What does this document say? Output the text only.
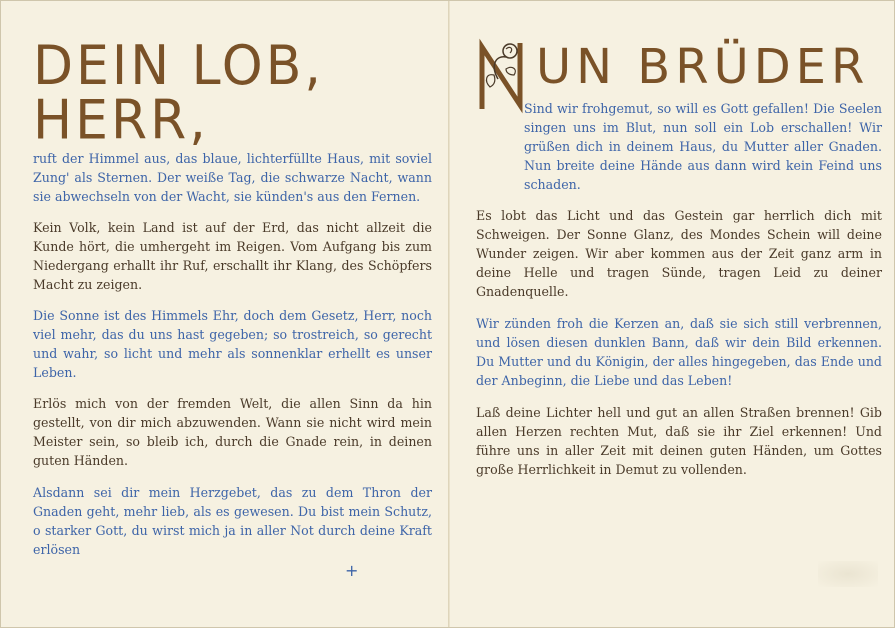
DEIN LOB, HERR,

ruft der Himmel aus, das blaue, lichterfüllte Haus, mit soviel Zung' als Sternen. Der weiße Tag, die schwarze Nacht, wann sie abwechseln von der Wacht, sie künden's aus den Fernen.

Kein Volk, kein Land ist auf der Erd, das nicht allzeit die Kunde hört, die umhergeht im Reigen. Vom Aufgang bis zum Niedergang erhallt ihr Ruf, erschallt ihr Klang, des Schöpfers Macht zu zeigen.

Die Sonne ist des Himmels Ehr, doch dem Gesetz, Herr, noch viel mehr, das du uns hast gegeben; so trostreich, so gerecht und wahr, so licht und mehr als sonnenklar erhellt es unser Leben.

Erlös mich von der fremden Welt, die allen Sinn da hin gestellt, von dir mich abzuwenden. Wann sie nicht wird mein Meister sein, so bleib ich, durch die Gnade rein, in deinen guten Händen.

Alsdann sei dir mein Herzgebet, das zu dem Thron der Gnaden geht, mehr lieb, als es gewesen. Du bist mein Schutz, o starker Gott, du wirst mich ja in aller Not durch deine Kraft erlösen

+
UN BRÜDER

Sind wir frohgemut, so will es Gott gefallen! Die Seelen singen uns im Blut, nun soll ein Lob erschallen! Wir grüßen dich in deinem Haus, du Mutter aller Gnaden. Nun breite deine Hände aus dann wird kein Feind uns schaden.

Es lobt das Licht und das Gestein gar herrlich dich mit Schweigen. Der Sonne Glanz, des Mondes Schein will deine Wunder zeigen. Wir aber kommen aus der Zeit ganz arm in deine Helle und tragen Sünde, tragen Leid zu deiner Gnadenquelle.

Wir zünden froh die Kerzen an, daß sie sich still verbrennen, und lösen diesen dunklen Bann, daß wir dein Bild erkennen. Du Mutter und du Königin, der alles hingegeben, das Ende und der Anbeginn, die Liebe und das Leben!

Laß deine Lichter hell und gut an allen Straßen brennen! Gib allen Herzen rechten Mut, daß sie ihr Ziel erkennen! Und führe uns in aller Zeit mit deinen guten Händen, um Gottes große Herrlichkeit in Demut zu vollenden.
